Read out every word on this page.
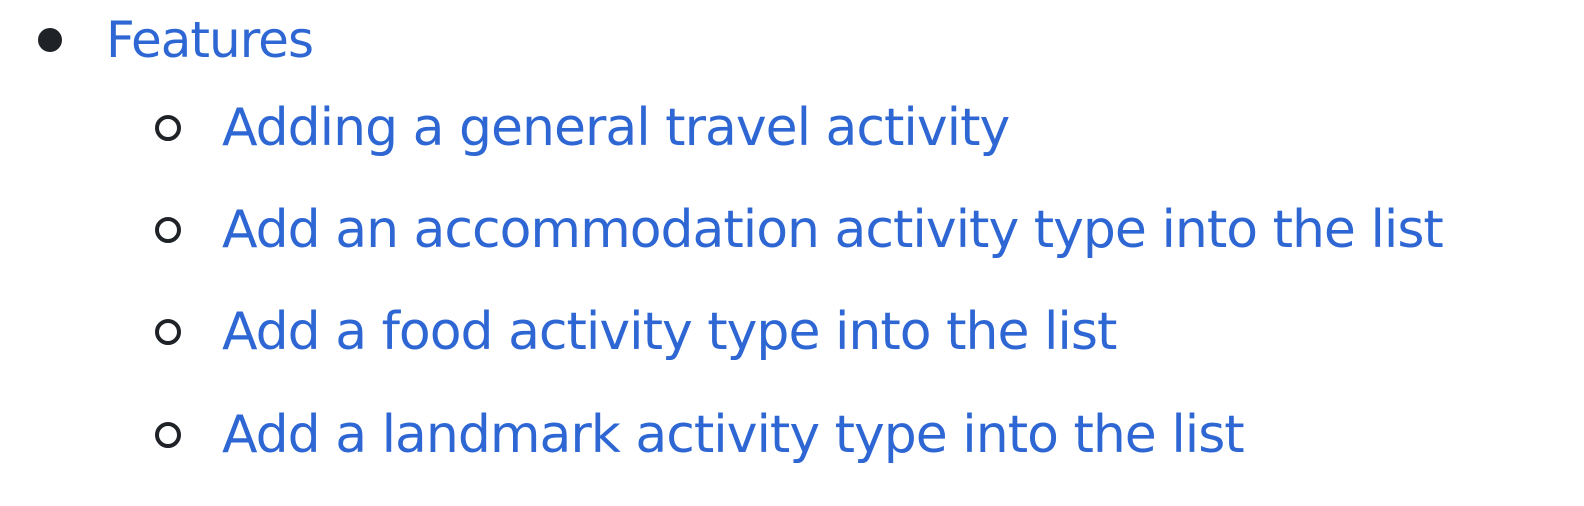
Features
Adding a general travel activity
Add an accommodation activity type into the list
Add a food activity type into the list
Add a landmark activity type into the list
